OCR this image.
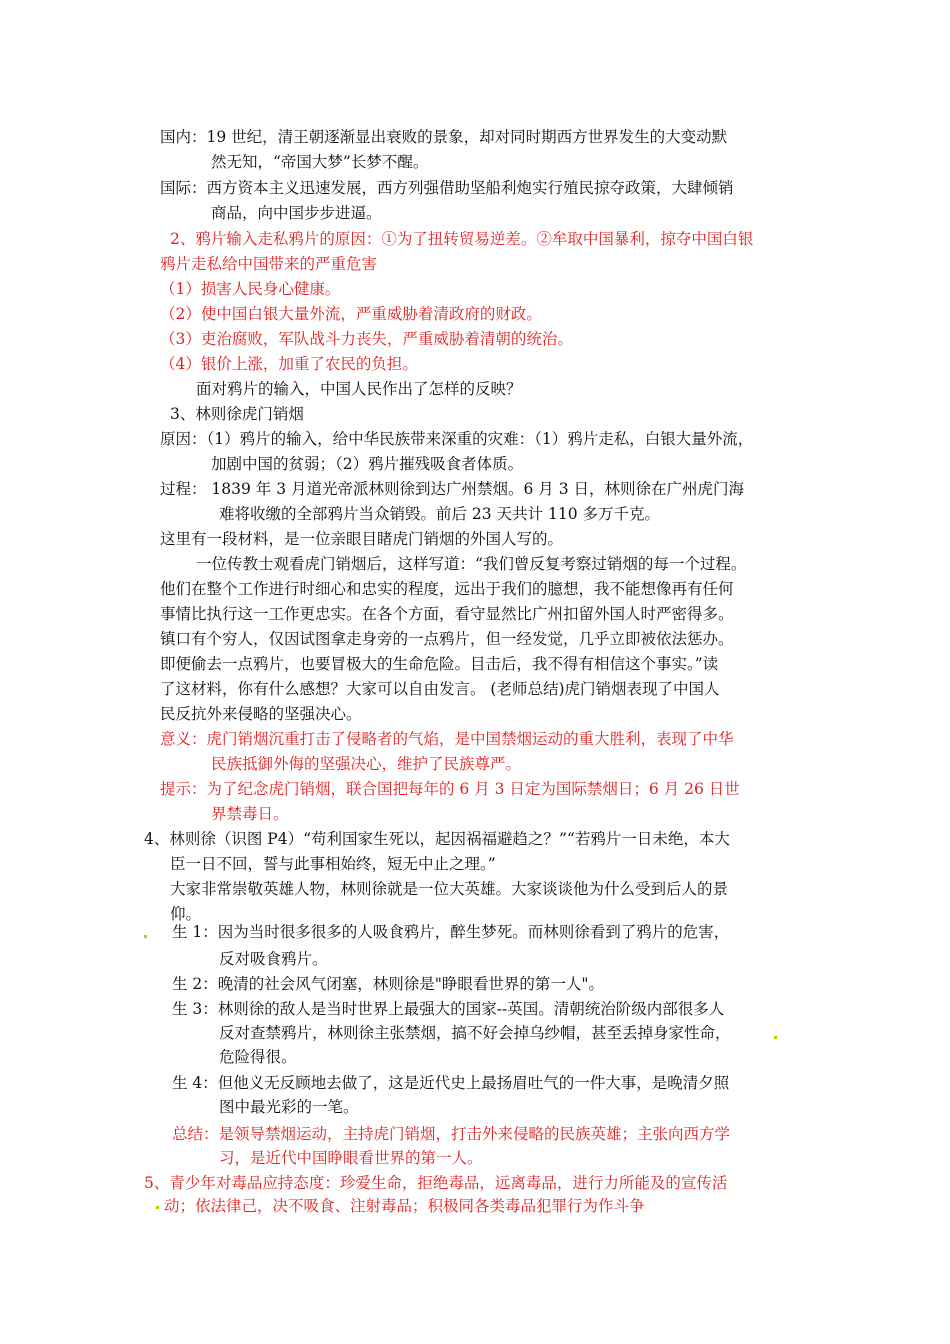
国内：19 世纪，清王朝逐渐显出衰败的景象，却对同时期西方世界发生的大变动默
然无知，“帝国大梦”长梦不醒。
国际：西方资本主义迅速发展，西方列强借助坚船利炮实行殖民掠夺政策，大肆倾销
商品，向中国步步进逼。
2、鸦片输入走私鸦片的原因：①为了扭转贸易逆差。②牟取中国暴利，掠夺中国白银
鸦片走私给中国带来的严重危害
（1）损害人民身心健康。
（2）使中国白银大量外流，严重威胁着清政府的财政。
（3）吏治腐败，军队战斗力丧失，严重威胁着清朝的统治。
（4）银价上涨，加重了农民的负担。
面对鸦片的输入，中国人民作出了怎样的反映？
3、林则徐虎门销烟
原因：（1）鸦片的输入，给中华民族带来深重的灾难：（1）鸦片走私，白银大量外流，
加剧中国的贫弱；（2）鸦片摧残吸食者体质。
过程： 1839 年 3 月道光帝派林则徐到达广州禁烟。6 月 3 日，林则徐在广州虎门海
难将收缴的全部鸦片当众销毁。前后 23 天共计 110 多万千克。
这里有一段材料，是一位亲眼目睹虎门销烟的外国人写的。
一位传教士观看虎门销烟后，这样写道：“我们曾反复考察过销烟的每一个过程。
他们在整个工作进行时细心和忠实的程度，远出于我们的臆想，我不能想像再有任何
事情比执行这一工作更忠实。在各个方面，看守显然比广州扣留外国人时严密得多。
镇口有个穷人，仅因试图拿走身旁的一点鸦片，但一经发觉，几乎立即被依法惩办。
即便偷去一点鸦片，也要冒极大的生命危险。目击后，我不得有相信这个事实。”读
了这材料，你有什么感想？大家可以自由发言。 (老师总结)虎门销烟表现了中国人
民反抗外来侵略的坚强决心。
意义：虎门销烟沉重打击了侵略者的气焰，是中国禁烟运动的重大胜利，表现了中华
民族抵御外侮的坚强决心，维护了民族尊严。
提示：为了纪念虎门销烟，联合国把每年的 6 月 3 日定为国际禁烟日；6 月 26 日世
界禁毒日。
4、林则徐（识图 P4）“苟利国家生死以，起因祸福避趋之？”“若鸦片一日未绝，本大
臣一日不回，誓与此事相始终，短无中止之理。”
大家非常崇敬英雄人物，林则徐就是一位大英雄。大家谈谈他为什么受到后人的景
仰。
生 1：因为当时很多很多的人吸食鸦片，醉生梦死。而林则徐看到了鸦片的危害，
反对吸食鸦片。
生 2：晚清的社会风气闭塞，林则徐是"睁眼看世界的第一人"。
生 3：林则徐的敌人是当时世界上最强大的国家--英国。清朝统治阶级内部很多人
反对查禁鸦片，林则徐主张禁烟，搞不好会掉乌纱帽，甚至丢掉身家性命，
危险得很。
生 4：但他义无反顾地去做了，这是近代史上最扬眉吐气的一件大事，是晚清夕照
图中最光彩的一笔。
总结：是领导禁烟运动，主持虎门销烟，打击外来侵略的民族英雄；主张向西方学
习，是近代中国睁眼看世界的第一人。
5、青少年对毒品应持态度：珍爱生命，拒绝毒品，远离毒品，进行力所能及的宣传活
动；依法律己，决不吸食、注射毒品；积极同各类毒品犯罪行为作斗争
